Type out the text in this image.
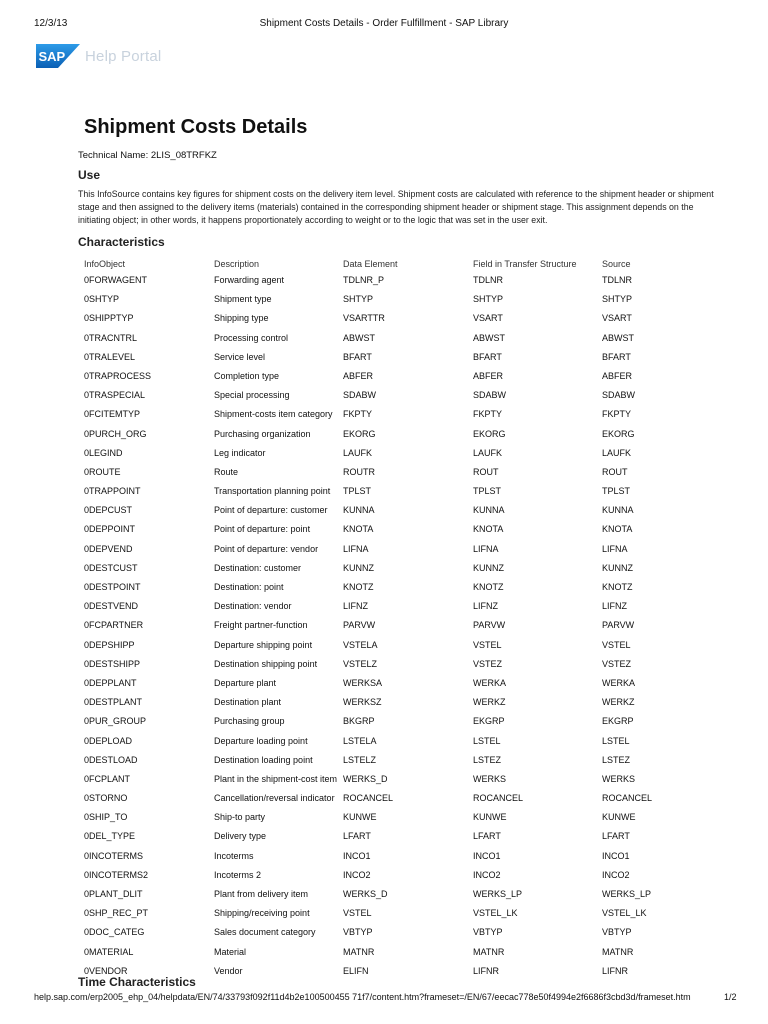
12/3/13	Shipment Costs Details - Order Fulfillment - SAP Library
SAP Help Portal
Shipment Costs Details
Technical Name: 2LIS_08TRFKZ
Use
This InfoSource contains key figures for shipment costs on the delivery item level. Shipment costs are calculated with reference to the shipment header or shipment stage and then assigned to the delivery items (materials) contained in the corresponding shipment header or shipment stage. This assignment depends on the initiating object; in other words, it happens proportionately according to weight or to the logic that was set in the user exit.
Characteristics
InfoObject	Description	Data Element	Field in Transfer Structure	Source
0FORWAGENT	Forwarding agent	TDLNR_P	TDLNR	TDLNR
0SHTYP	Shipment type	SHTYP	SHTYP	SHTYP
0SHIPPTYP	Shipping type	VSARTTR	VSART	VSART
0TRACNTRL	Processing control	ABWST	ABWST	ABWST
0TRALEVEL	Service level	BFART	BFART	BFART
0TRAPROCESS	Completion type	ABFER	ABFER	ABFER
0TRASPECIAL	Special processing	SDABW	SDABW	SDABW
0FCITEMTYP	Shipment-costs item category	FKPTY	FKPTY	FKPTY
0PURCH_ORG	Purchasing organization	EKORG	EKORG	EKORG
0LEGIND	Leg indicator	LAUFK	LAUFK	LAUFK
0ROUTE	Route	ROUTR	ROUT	ROUT
0TRAPPOINT	Transportation planning point	TPLST	TPLST	TPLST
0DEPCUST	Point of departure: customer	KUNNA	KUNNA	KUNNA
0DEPPOINT	Point of departure: point	KNOTA	KNOTA	KNOTA
0DEPVEND	Point of departure: vendor	LIFNA	LIFNA	LIFNA
0DESTCUST	Destination: customer	KUNNZ	KUNNZ	KUNNZ
0DESTPOINT	Destination: point	KNOTZ	KNOTZ	KNOTZ
0DESTVEND	Destination: vendor	LIFNZ	LIFNZ	LIFNZ
0FCPARTNER	Freight partner-function	PARVW	PARVW	PARVW
0DEPSHIPP	Departure shipping point	VSTELA	VSTEL	VSTEL
0DESTSHIPP	Destination shipping point	VSTELZ	VSTEZ	VSTEZ
0DEPPLANT	Departure plant	WERKSA	WERKA	WERKA
0DESTPLANT	Destination plant	WERKSZ	WERKZ	WERKZ
0PUR_GROUP	Purchasing group	BKGRP	EKGRP	EKGRP
0DEPLOAD	Departure loading point	LSTELA	LSTEL	LSTEL
0DESTLOAD	Destination loading point	LSTELZ	LSTEZ	LSTEZ
0FCPLANT	Plant in the shipment-cost item	WERKS_D	WERKS	WERKS
0STORNO	Cancellation/reversal indicator	ROCANCEL	ROCANCEL	ROCANCEL
0SHIP_TO	Ship-to party	KUNWE	KUNWE	KUNWE
0DEL_TYPE	Delivery type	LFART	LFART	LFART
0INCOTERMS	Incoterms	INCO1	INCO1	INCO1
0INCOTERMS2	Incoterms 2	INCO2	INCO2	INCO2
0PLANT_DLIT	Plant from delivery item	WERKS_D	WERKS_LP	WERKS_LP
0SHP_REC_PT	Shipping/receiving point	VSTEL	VSTEL_LK	VSTEL_LK
0DOC_CATEG	Sales document category	VBTYP	VBTYP	VBTYP
0MATERIAL	Material	MATNR	MATNR	MATNR
0VENDOR	Vendor	ELIFN	LIFNR	LIFNR
Time Characteristics
help.sap.com/erp2005_ehp_04/helpdata/EN/74/33793f092f11d4b2e100500455 71f7/content.htm?frameset=/EN/67/eecac778e50f4994e2f6686f3cbd3d/frameset.htm	1/2
